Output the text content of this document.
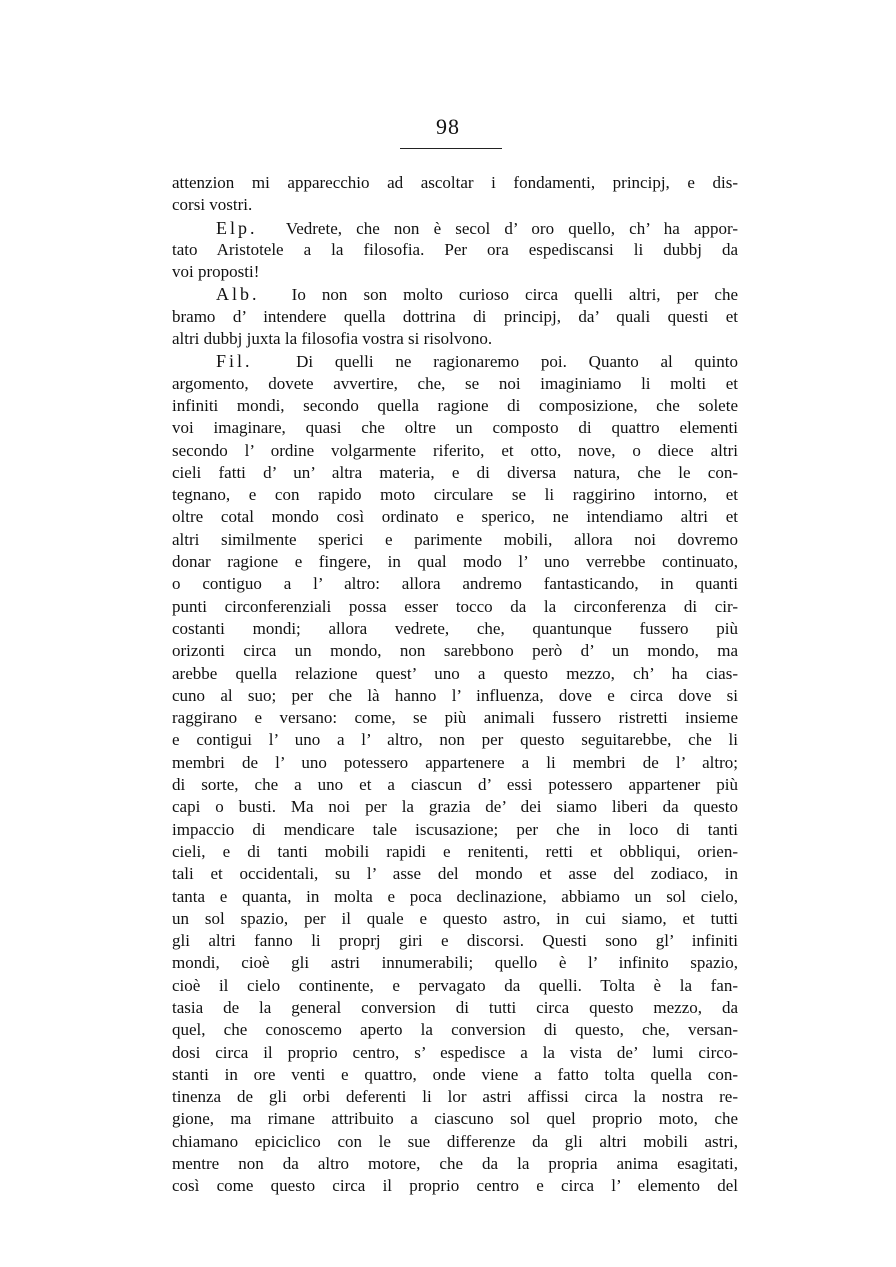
98
attenzion mi apparecchio ad ascoltar i fondamenti, principj, e dis-
corsi vostri.
Elp. Vedrete, che non è secol d’ oro quello, ch’ ha appor-
tato Aristotele a la filosofia. Per ora espediscansi li dubbj da
voi proposti!
Alb. Io non son molto curioso circa quelli altri, per che
bramo d’ intendere quella dottrina di principj, da’ quali questi et
altri dubbj juxta la filosofia vostra si risolvono.
Fil.	Di quelli ne ragionaremo poi. Quanto al quinto
argomento, dovete avvertire, che, se noi imaginiamo li molti et
infiniti mondi, secondo quella ragione di composizione, che solete
voi imaginare, quasi che oltre un composto di quattro elementi
secondo l’ ordine volgarmente riferito, et otto, nove, o diece altri
cieli fatti d’ un’ altra materia, e di diversa natura, che le con-
tegnano, e con rapido moto circulare se li raggirino intorno, et
oltre cotal mondo così ordinato e sperico, ne intendiamo altri et
altri similmente sperici e parimente mobili, allora noi dovremo
donar ragione e fingere, in qual modo l’ uno verrebbe continuato,
o contiguo a l’ altro: allora andremo fantasticando, in quanti
punti circonferenziali possa esser tocco da la circonferenza di cir-
costanti mondi; allora vedrete, che, quantunque fussero più
orizonti circa un mondo, non sarebbono però d’ un mondo, ma
arebbe quella relazione quest’ uno a questo mezzo, ch’ ha cias-
cuno al suo; per che là hanno l’ influenza, dove e circa dove si
raggirano e versano: come, se più animali fussero ristretti insieme
e contigui l’ uno a l’ altro, non per questo seguitarebbe, che li
membri de l’ uno potessero appartenere a li membri de l’ altro;
di sorte, che a uno et a ciascun d’ essi potessero appartener più
capi o busti. Ma noi per la grazia de’ dei siamo liberi da questo
impaccio di mendicare tale iscusazione; per che in loco di tanti
cieli, e di tanti mobili rapidi e renitenti, retti et obbliqui, orien-
tali et occidentali, su l’ asse del mondo et asse del zodiaco, in
tanta e quanta, in molta e poca declinazione, abbiamo un sol cielo,
un sol spazio, per il quale e questo astro, in cui siamo, et tutti
gli altri fanno li proprj giri e discorsi. Questi sono gl’ infiniti
mondi, cioè gli astri innumerabili; quello è l’ infinito spazio,
cioè il cielo continente, e pervagato da quelli. Tolta è la fan-
tasia de la general conversion di tutti circa questo mezzo, da
quel, che conoscemo aperto la conversion di questo, che, versan-
dosi circa il proprio centro, s’ espedisce a la vista de’ lumi circo-
stanti in ore venti e quattro, onde viene a fatto tolta quella con-
tinenza de gli orbi deferenti li lor astri affissi circa la nostra re-
gione, ma rimane attribuito a ciascuno sol quel proprio moto, che
chiamano epiciclico con le sue differenze da gli altri mobili astri,
mentre non da altro motore, che da la propria anima esagitati,
così come questo circa il proprio centro e circa l’ elemento del
